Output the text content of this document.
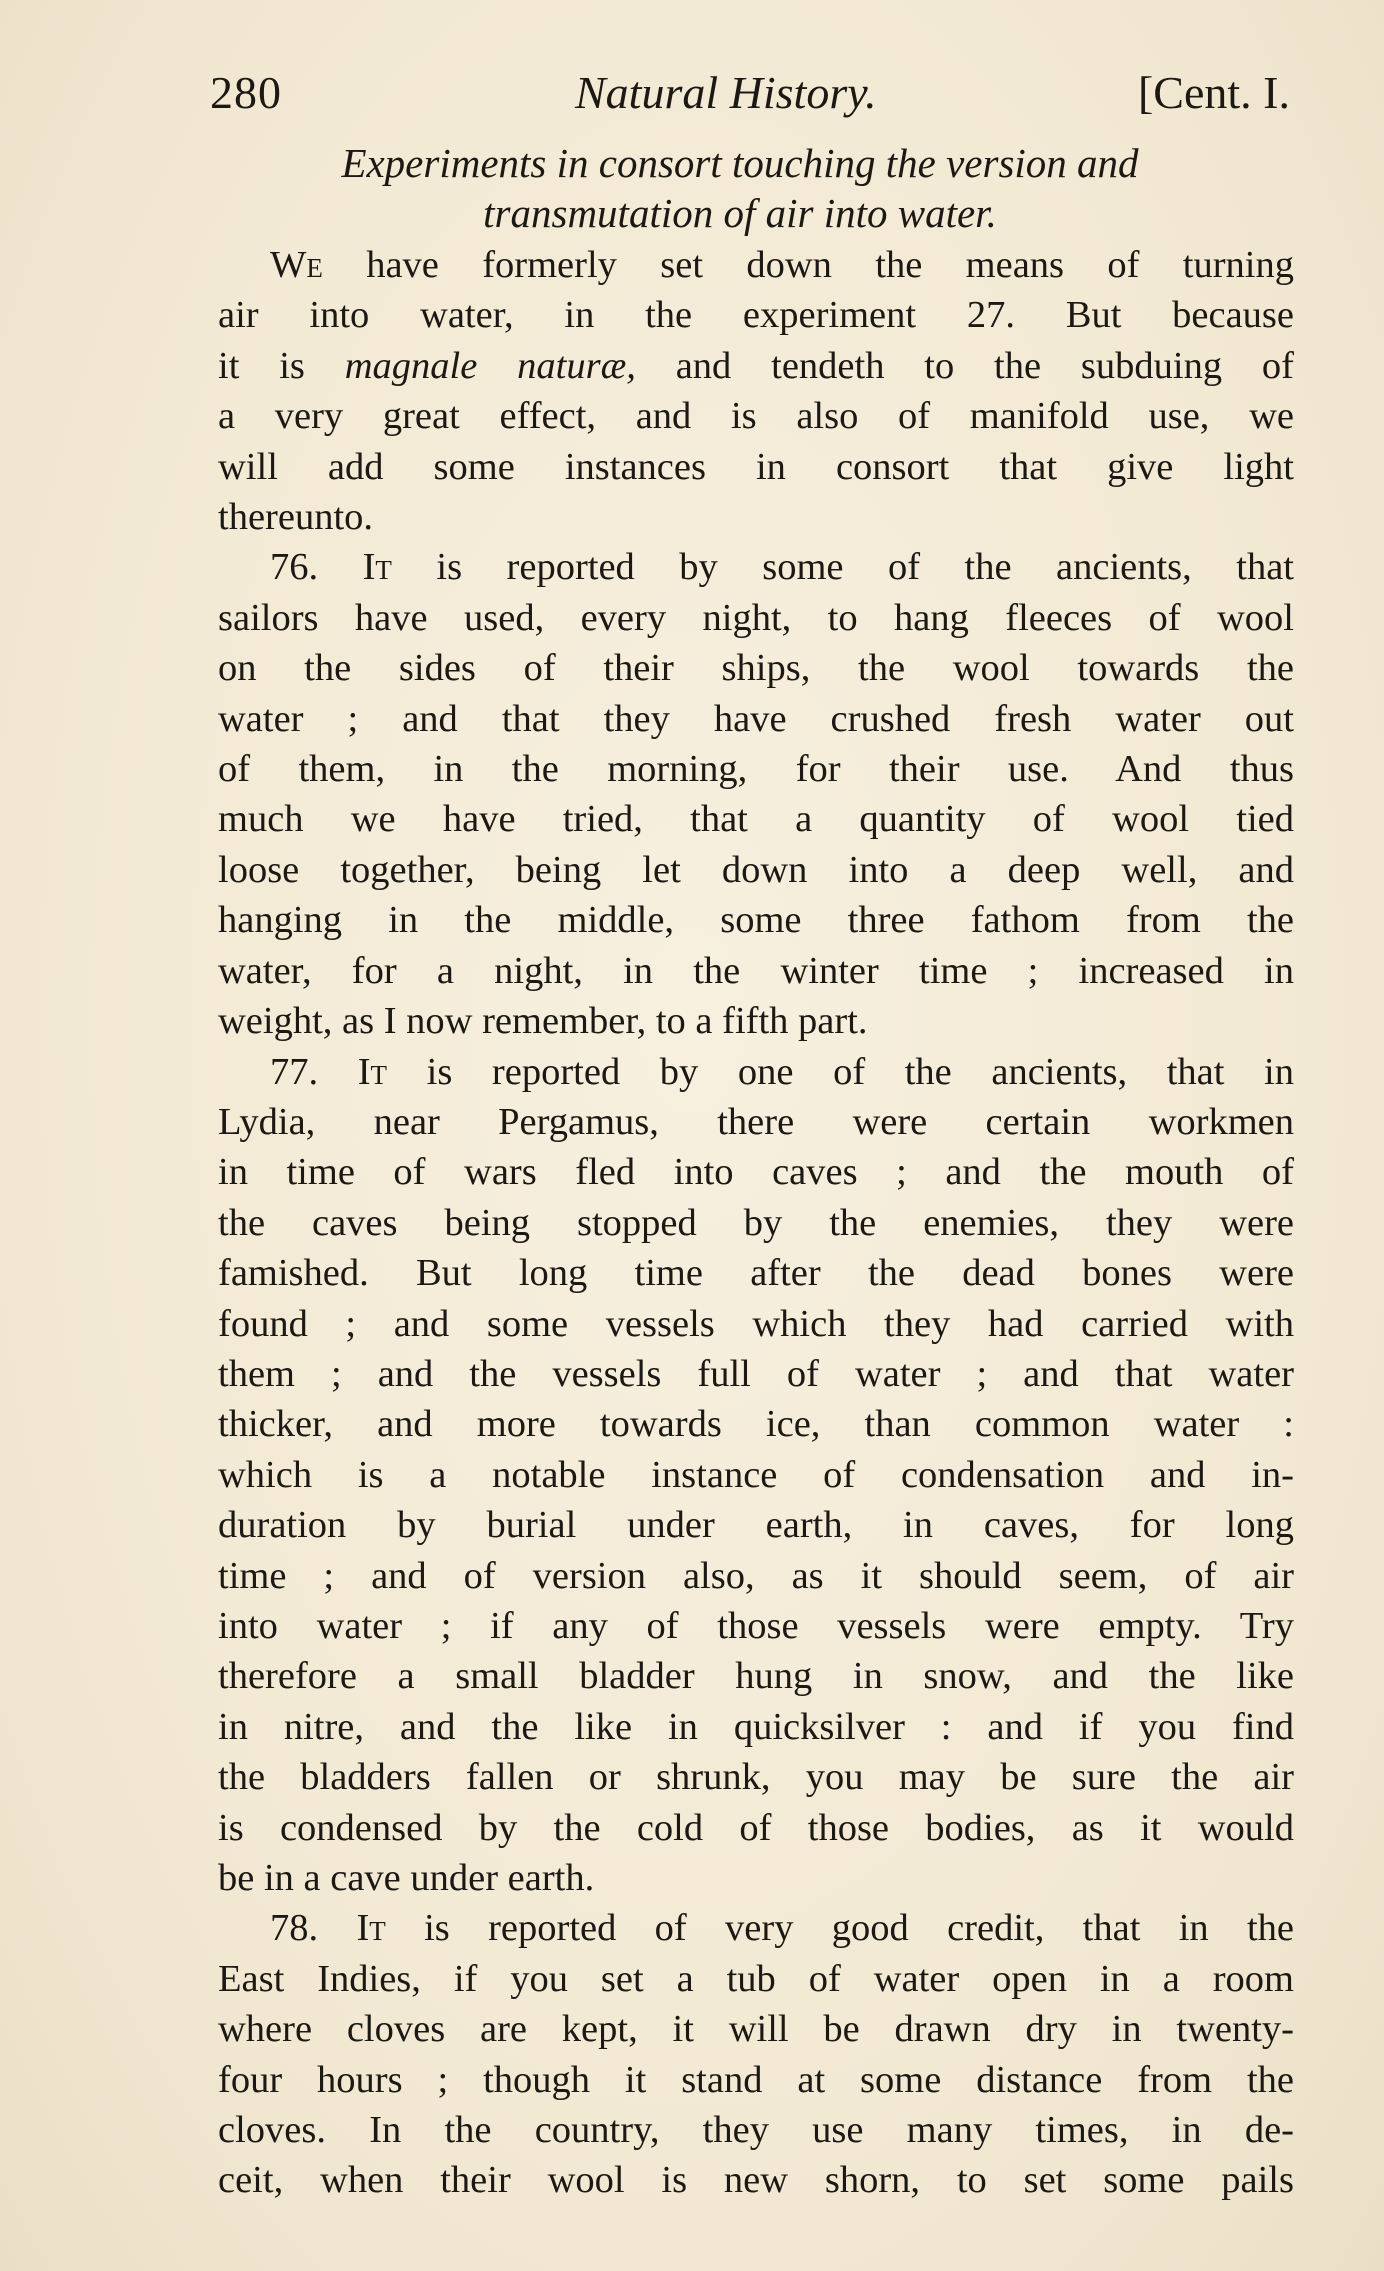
280	Natural History.	[Cent. I.
Experiments in consort touching the version and
transmutation of air into water.
We have formerly set down the means of turning
air into water, in the experiment 27. But because
it is magnale naturæ, and tendeth to the subduing of
a very great effect, and is also of manifold use, we
will add some instances in consort that give light
thereunto.
76. It is reported by some of the ancients, that
sailors have used, every night, to hang fleeces of wool
on the sides of their ships, the wool towards the
water ; and that they have crushed fresh water out
of them, in the morning, for their use. And thus
much we have tried, that a quantity of wool tied
loose together, being let down into a deep well, and
hanging in the middle, some three fathom from the
water, for a night, in the winter time ; increased in
weight, as I now remember, to a fifth part.
77. It is reported by one of the ancients, that in
Lydia, near Pergamus, there were certain workmen
in time of wars fled into caves ; and the mouth of
the caves being stopped by the enemies, they were
famished. But long time after the dead bones were
found ; and some vessels which they had carried with
them ; and the vessels full of water ; and that water
thicker, and more towards ice, than common water :
which is a notable instance of condensation and in-
duration by burial under earth, in caves, for long
time ; and of version also, as it should seem, of air
into water ; if any of those vessels were empty. Try
therefore a small bladder hung in snow, and the like
in nitre, and the like in quicksilver : and if you find
the bladders fallen or shrunk, you may be sure the air
is condensed by the cold of those bodies, as it would
be in a cave under earth.
78. It is reported of very good credit, that in the
East Indies, if you set a tub of water open in a room
where cloves are kept, it will be drawn dry in twenty-
four hours ; though it stand at some distance from the
cloves. In the country, they use many times, in de-
ceit, when their wool is new shorn, to set some pails
